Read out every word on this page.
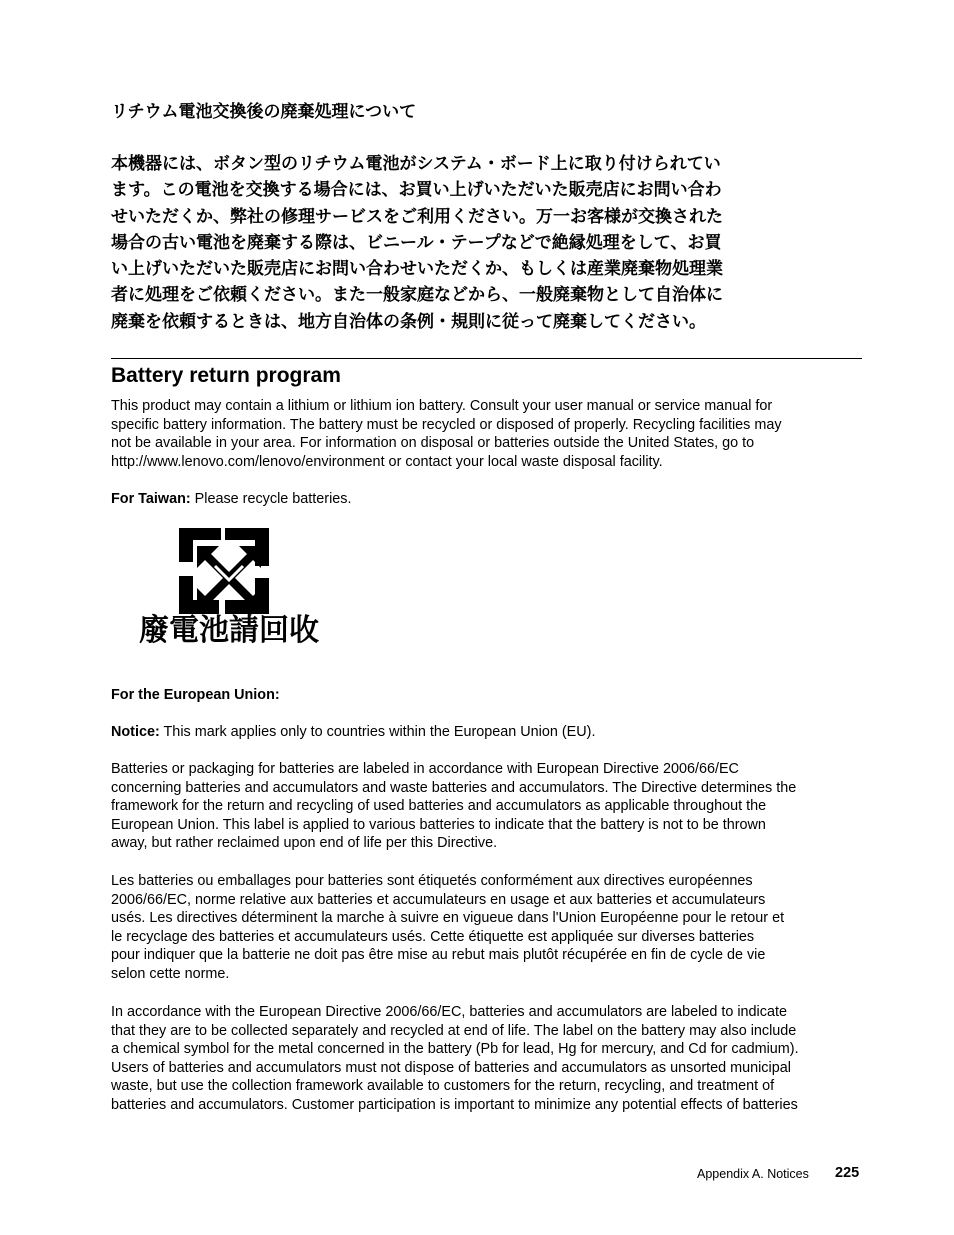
リチウム電池交換後の廃棄処理について
本機器には、ボタン型のリチウム電池がシステム・ボード上に取り付けられてい
ます。この電池を交換する場合には、お買い上げいただいた販売店にお問い合わ
せいただくか、弊社の修理サービスをご利用ください。万一お客様が交換された
場合の古い電池を廃棄する際は、ビニール・テープなどで絶縁処理をして、お買
い上げいただいた販売店にお問い合わせいただくか、もしくは産業廃棄物処理業
者に処理をご依頼ください。また一般家庭などから、一般廃棄物として自治体に
廃棄を依頼するときは、地方自治体の条例・規則に従って廃棄してください。
Battery return program

This product may contain a lithium or lithium ion battery. Consult your user manual or service manual for
specific battery information. The battery must be recycled or disposed of properly. Recycling facilities may
not be available in your area. For information on disposal or batteries outside the United States, go to
http://www.lenovo.com/lenovo/environment or contact your local waste disposal facility.

For Taiwan: Please recycle batteries.

廢電池請回收

For the European Union:

Notice: This mark applies only to countries within the European Union (EU).

Batteries or packaging for batteries are labeled in accordance with European Directive 2006/66/EC
concerning batteries and accumulators and waste batteries and accumulators. The Directive determines the
framework for the return and recycling of used batteries and accumulators as applicable throughout the
European Union. This label is applied to various batteries to indicate that the battery is not to be thrown
away, but rather reclaimed upon end of life per this Directive.

Les batteries ou emballages pour batteries sont étiquetés conformément aux directives européennes
2006/66/EC, norme relative aux batteries et accumulateurs en usage et aux batteries et accumulateurs
usés. Les directives déterminent la marche à suivre en vigueue dans l'Union Européenne pour le retour et
le recyclage des batteries et accumulateurs usés. Cette étiquette est appliquée sur diverses batteries
pour indiquer que la batterie ne doit pas être mise au rebut mais plutôt récupérée en fin de cycle de vie
selon cette norme.

In accordance with the European Directive 2006/66/EC, batteries and accumulators are labeled to indicate
that they are to be collected separately and recycled at end of life. The label on the battery may also include
a chemical symbol for the metal concerned in the battery (Pb for lead, Hg for mercury, and Cd for cadmium).
Users of batteries and accumulators must not dispose of batteries and accumulators as unsorted municipal
waste, but use the collection framework available to customers for the return, recycling, and treatment of
batteries and accumulators. Customer participation is important to minimize any potential effects of batteries

Appendix A. Notices 225
